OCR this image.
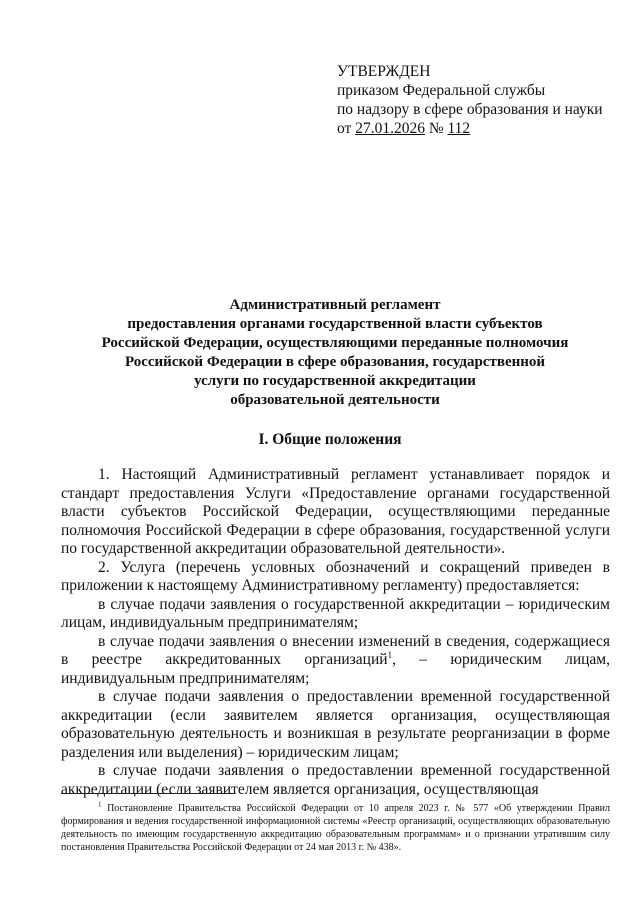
УТВЕРЖДЕН
приказом Федеральной службы
по надзору в сфере образования и науки
от 27.01.2026 № 112
Административный регламент
предоставления органами государственной власти субъектов
Российской Федерации, осуществляющими переданные полномочия
Российской Федерации в сфере образования, государственной
услуги по государственной аккредитации
образовательной деятельности
I. Общие положения

1. Настоящий Административный регламент устанавливает порядок и стандарт предоставления Услуги «Предоставление органами государственной власти субъектов Российской Федерации, осуществляющими переданные полномочия Российской Федерации в сфере образования, государственной услуги по государственной аккредитации образовательной деятельности».

2. Услуга (перечень условных обозначений и сокращений приведен в приложении к настоящему Административному регламенту) предоставляется:

в случае подачи заявления о государственной аккредитации – юридическим лицам, индивидуальным предпринимателям;

в случае подачи заявления о внесении изменений в сведения, содержащиеся в реестре аккредитованных организаций$^1$, – юридическим лицам, индивидуальным предпринимателям;

в случае подачи заявления о предоставлении временной государственной аккредитации (если заявителем является организация, осуществляющая образовательную деятельность и возникшая в результате реорганизации в форме разделения или выделения) – юридическим лицам;

в случае подачи заявления о предоставлении временной государственной аккредитации (если заявителем является организация, осуществляющая

$^1$ Постановление Правительства Российской Федерации от 10 апреля 2023 г. № 577 «Об утверждении Правил формирования и ведения государственной информационной системы «Реестр организаций, осуществляющих образовательную деятельность по имеющим государственную аккредитацию образовательным программам» и о признании утратившим силу постановления Правительства Российской Федерации от 24 мая 2013 г. № 438».
